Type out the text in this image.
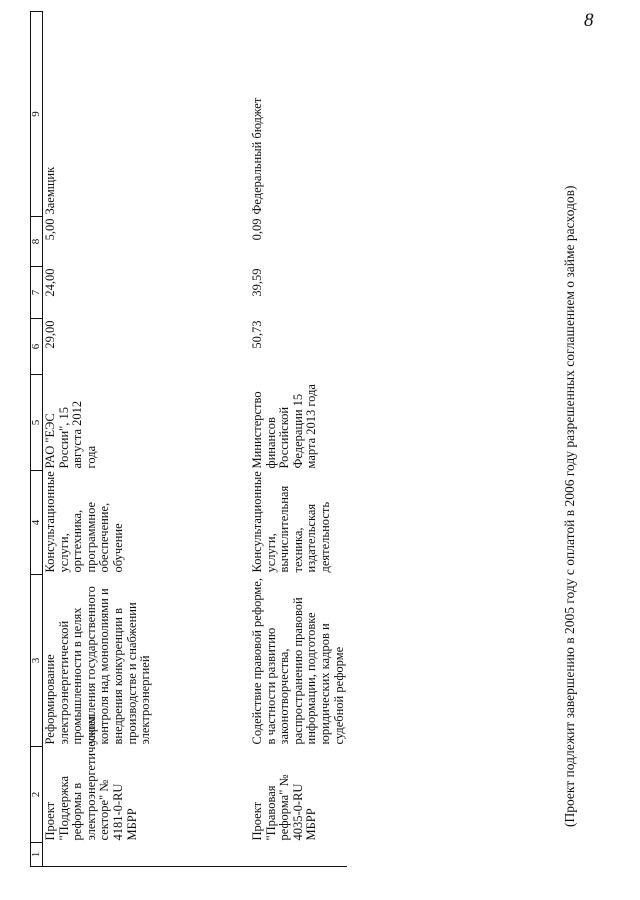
8
1	2	3	4	5	6	7	8	9
	Проект "Поддержка реформы в электроэнергетическом секторе" № 4181-0-RU МБРР	Реформирование электроэнергетической промышленности в целях укрепления государственного контроля над монополиями и внедрения конкуренции в производстве и снабжении электроэнергией	Консультационные услуги, оргтехника, программное обеспечение, обучение	РАО "ЕЭС России", 15 августа 2012 года	29,00	24,00	5,00	Заемщик
	Проект "Правовая реформа" № 4035-0-RU МБРР	Содействие правовой реформе, в частности развитию законотворчества, распространению правовой информации, подготовке юридических кадров и судебной реформе	Консультационные услуги, вычислительная техника, издательская деятельность	Министерство финансов Российской Федерации 15 марта 2013 года	50,73	39,59	0,09	Федеральный бюджет
(Проект подлежит завершению в 2005 году с оплатой в 2006 году разрешенных соглашением о займе расходов)
